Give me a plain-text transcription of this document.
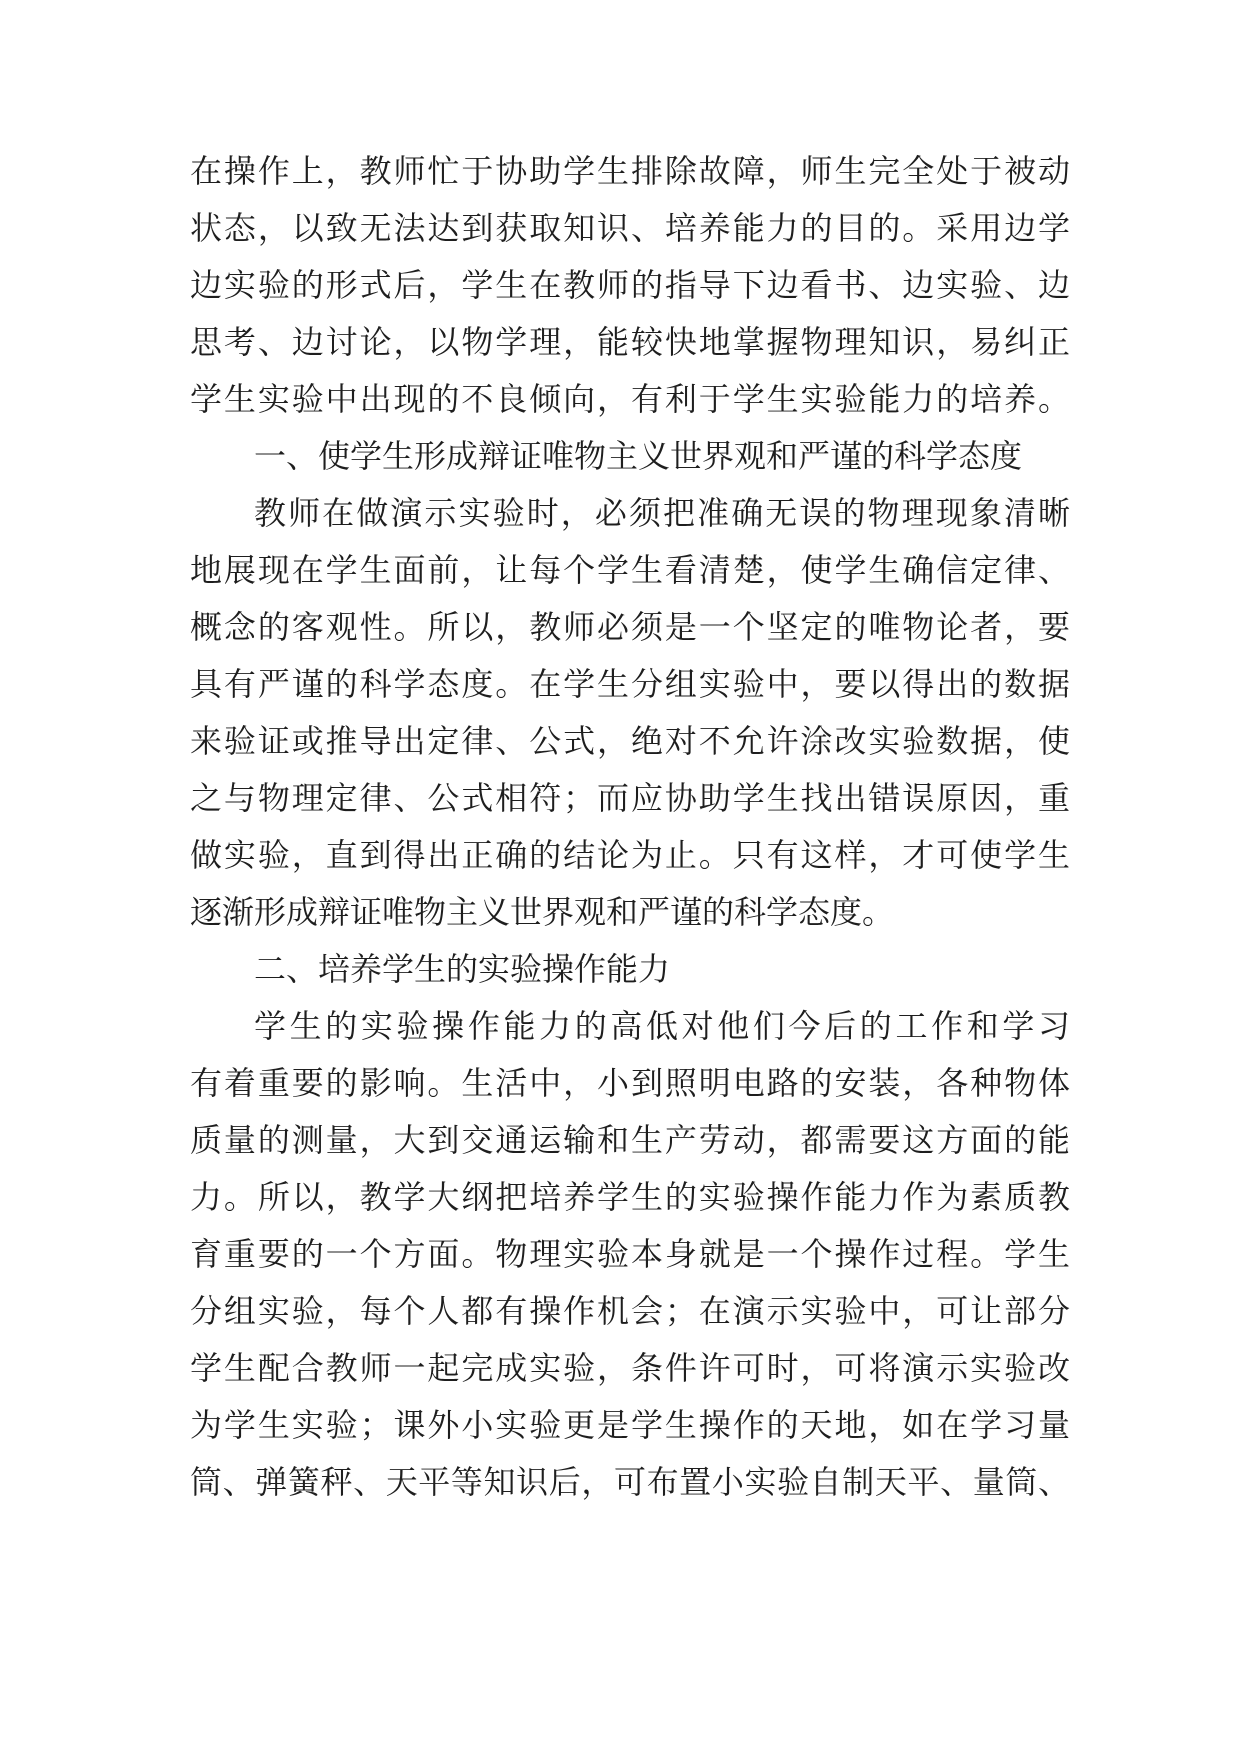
在操作上，教师忙于协助学生排除故障，师生完全处于被动

状态，以致无法达到获取知识、培养能力的目的。采用边学

边实验的形式后，学生在教师的指导下边看书、边实验、边

思考、边讨论，以物学理，能较快地掌握物理知识，易纠正

学生实验中出现的不良倾向，有利于学生实验能力的培养。

一、使学生形成辩证唯物主义世界观和严谨的科学态度

教师在做演示实验时，必须把准确无误的物理现象清晰

地展现在学生面前，让每个学生看清楚，使学生确信定律、

概念的客观性。所以，教师必须是一个坚定的唯物论者，要

具有严谨的科学态度。在学生分组实验中，要以得出的数据

来验证或推导出定律、公式，绝对不允许涂改实验数据，使

之与物理定律、公式相符；而应协助学生找出错误原因，重

做实验，直到得出正确的结论为止。只有这样，才可使学生

逐渐形成辩证唯物主义世界观和严谨的科学态度。

二、培养学生的实验操作能力

学生的实验操作能力的高低对他们今后的工作和学习

有着重要的影响。生活中，小到照明电路的安装，各种物体

质量的测量，大到交通运输和生产劳动，都需要这方面的能

力。所以，教学大纲把培养学生的实验操作能力作为素质教

育重要的一个方面。物理实验本身就是一个操作过程。学生

分组实验，每个人都有操作机会；在演示实验中，可让部分

学生配合教师一起完成实验，条件许可时，可将演示实验改

为学生实验；课外小实验更是学生操作的天地，如在学习量

筒、弹簧秤、天平等知识后，可布置小实验自制天平、量筒、
